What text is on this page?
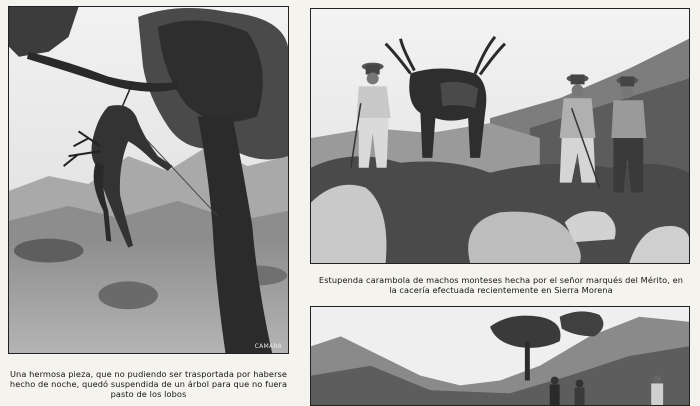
CAMARA
Una hermosa pieza, que no pudiendo ser trasportada por haberse hecho de noche, quedó suspendida de un árbol para que no fuera pasto de los lobos
Estupenda carambola de machos monteses hecha por el señor marqués del Mérito, en la cacería efectuada recientemente en Sierra Morena
